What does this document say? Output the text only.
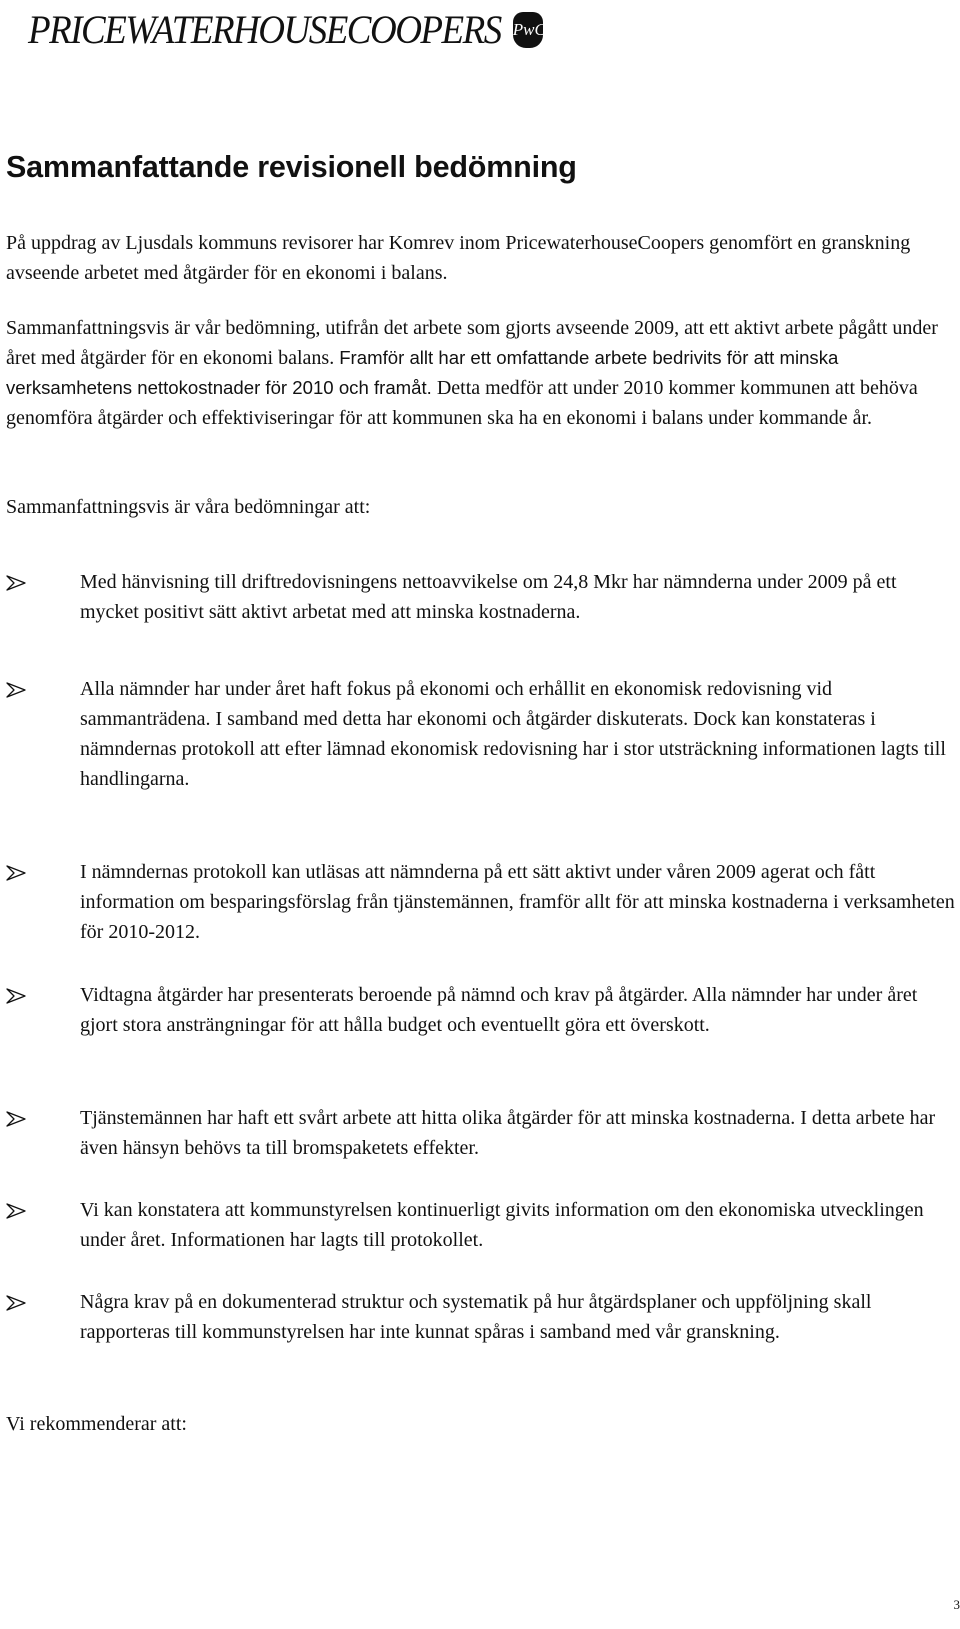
PRICEWATERHOUSECOOPERS PwC
Sammanfattande revisionell bedömning

På uppdrag av Ljusdals kommuns revisorer har Komrev inom PricewaterhouseCoopers genomfört en granskning avseende arbetet med åtgärder för en ekonomi i balans.

Sammanfattningsvis är vår bedömning, utifrån det arbete som gjorts avseende 2009, att ett aktivt arbete pågått under året med åtgärder för en ekonomi balans. Framför allt har ett omfattande arbete bedrivits för att minska verksamhetens nettokostnader för 2010 och framåt. Detta medför att under 2010 kommer kommunen att behöva genomföra åtgärder och effektiviseringar för att kommunen ska ha en ekonomi i balans under kommande år.

Sammanfattningsvis är våra bedömningar att:

Med hänvisning till driftredovisningens nettoavvikelse om 24,8 Mkr har nämnderna under 2009 på ett mycket positivt sätt aktivt arbetat med att minska kostnaderna.

Alla nämnder har under året haft fokus på ekonomi och erhållit en ekonomisk redovisning vid sammanträdena. I samband med detta har ekonomi och åtgärder diskuterats. Dock kan konstateras i nämndernas protokoll att efter lämnad ekonomisk redovisning har i stor utsträckning informationen lagts till handlingarna.

I nämndernas protokoll kan utläsas att nämnderna på ett sätt aktivt under våren 2009 agerat och fått information om besparingsförslag från tjänstemännen, framför allt för att minska kostnaderna i verksamheten för 2010-2012.

Vidtagna åtgärder har presenterats beroende på nämnd och krav på åtgärder. Alla nämnder har under året gjort stora ansträngningar för att hålla budget och eventuellt göra ett överskott.

Tjänstemännen har haft ett svårt arbete att hitta olika åtgärder för att minska kostnaderna. I detta arbete har även hänsyn behövs ta till bromspaketets effekter.

Vi kan konstatera att kommunstyrelsen kontinuerligt givits information om den ekonomiska utvecklingen under året. Informationen har lagts till protokollet.

Några krav på en dokumenterad struktur och systematik på hur åtgärdsplaner och uppföljning skall rapporteras till kommunstyrelsen har inte kunnat spåras i samband med vår granskning.

Vi rekommenderar att:

3
